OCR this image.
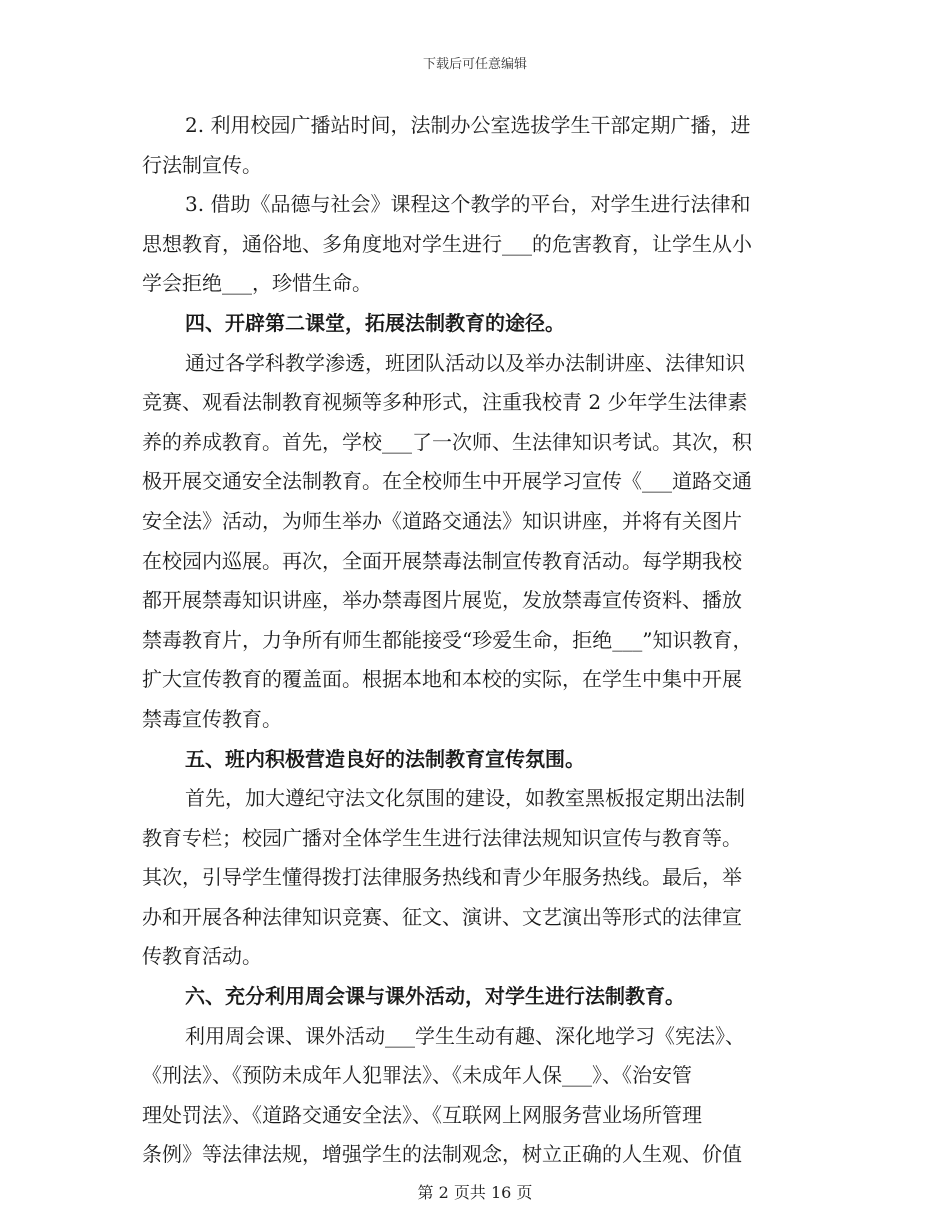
下载后可任意编辑
2. 利用校园广播站时间，法制办公室选拔学生干部定期广播，进
行法制宣传。
3. 借助《品德与社会》课程这个教学的平台，对学生进行法律和
思想教育，通俗地、多角度地对学生进行___的危害教育，让学生从小
学会拒绝___，珍惜生命。
四、开辟第二课堂，拓展法制教育的途径。
通过各学科教学渗透，班团队活动以及举办法制讲座、法律知识
竞赛、观看法制教育视频等多种形式，注重我校青 2 少年学生法律素
养的养成教育。首先，学校___了一次师、生法律知识考试。其次，积
极开展交通安全法制教育。在全校师生中开展学习宣传《___道路交通
安全法》活动，为师生举办《道路交通法》知识讲座，并将有关图片
在校园内巡展。再次，全面开展禁毒法制宣传教育活动。每学期我校
都开展禁毒知识讲座，举办禁毒图片展览，发放禁毒宣传资料、播放
禁毒教育片，力争所有师生都能接受“珍爱生命，拒绝___”知识教育，
扩大宣传教育的覆盖面。根据本地和本校的实际，在学生中集中开展
禁毒宣传教育。
五、班内积极营造良好的法制教育宣传氛围。
首先，加大遵纪守法文化氛围的建设，如教室黑板报定期出法制
教育专栏；校园广播对全体学生生进行法律法规知识宣传与教育等。
其次，引导学生懂得拨打法律服务热线和青少年服务热线。最后，举
办和开展各种法律知识竞赛、征文、演讲、文艺演出等形式的法律宣
传教育活动。
六、充分利用周会课与课外活动，对学生进行法制教育。
利用周会课、课外活动___学生生动有趣、深化地学习《宪法》、
《刑法》、《预防未成年人犯罪法》、《未成年人保___》、《治安管
理处罚法》、《道路交通安全法》、《互联网上网服务营业场所管理
条例》等法律法规，增强学生的法制观念，树立正确的人生观、价值
第 2 页共 16 页
